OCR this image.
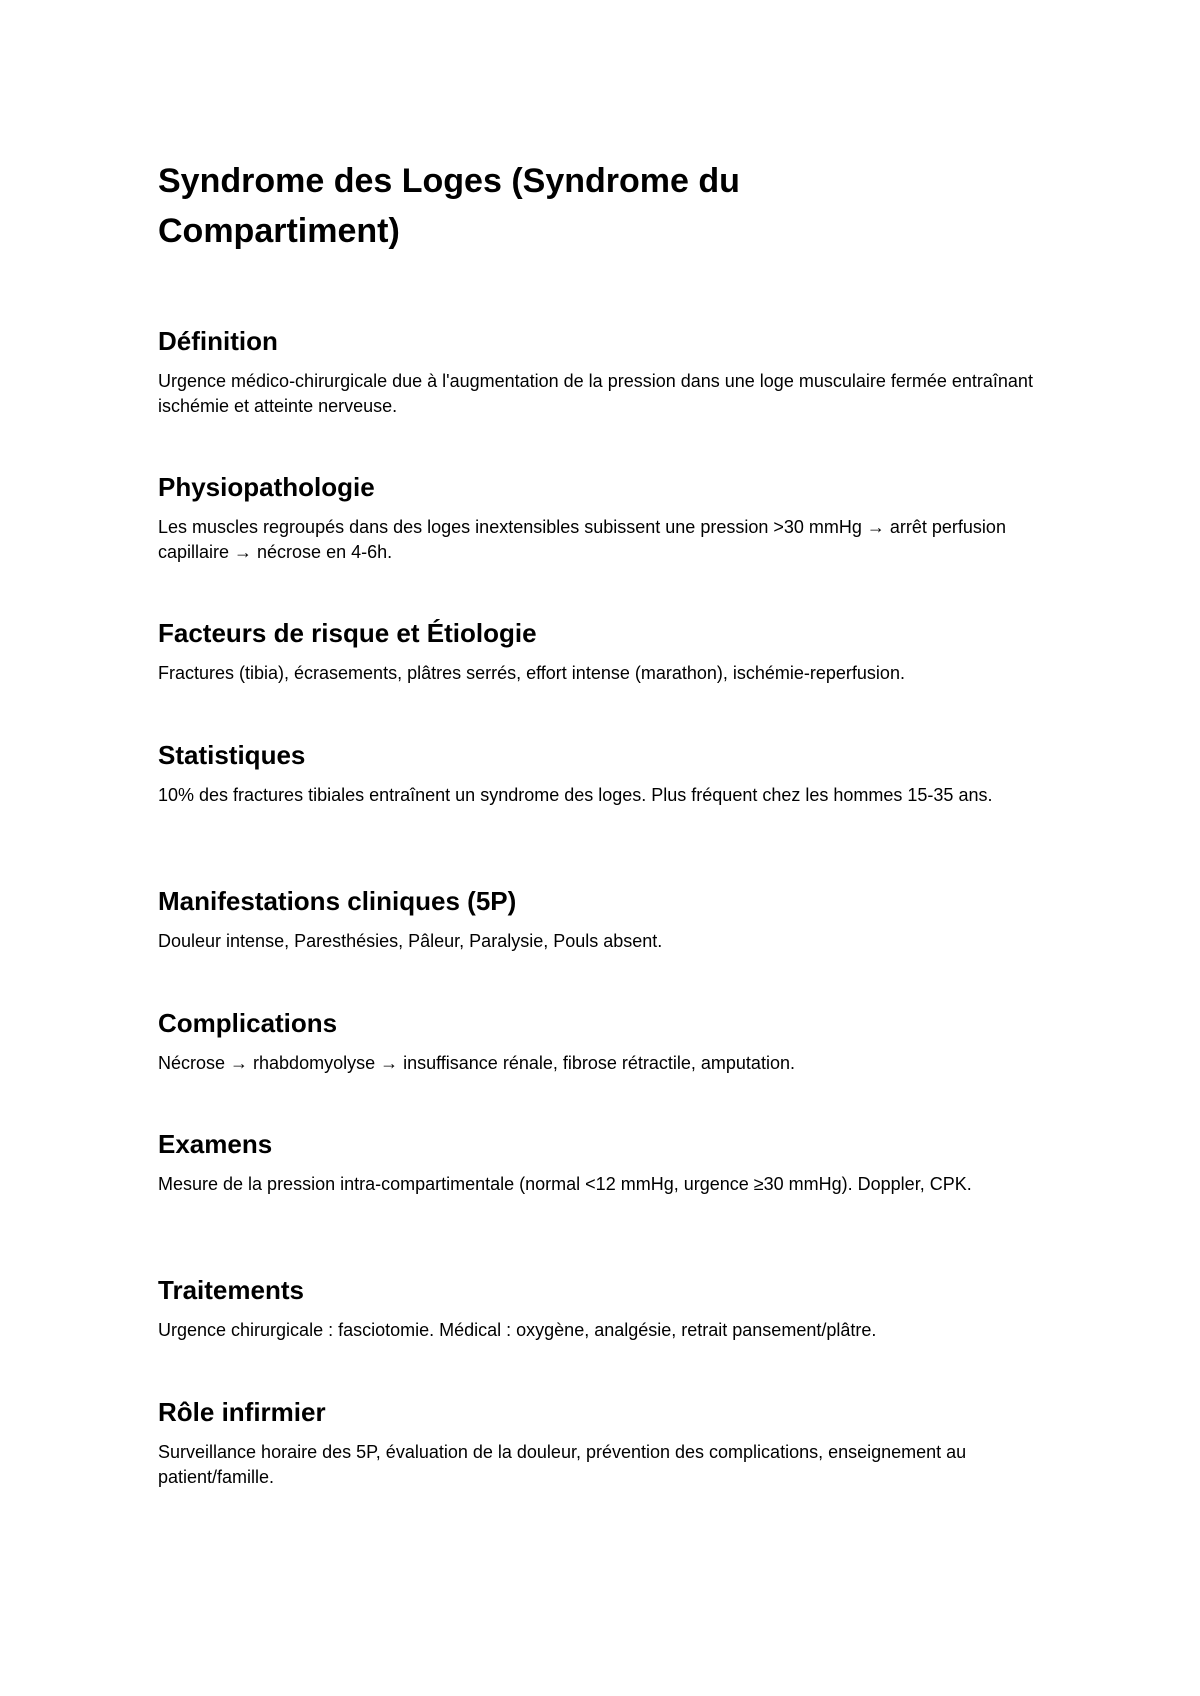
Syndrome des Loges (Syndrome du Compartiment)
Définition

Urgence médico-chirurgicale due à l'augmentation de la pression dans une loge musculaire fermée entraînant ischémie et atteinte nerveuse.

Physiopathologie

Les muscles regroupés dans des loges inextensibles subissent une pression >30 mmHg → arrêt perfusion capillaire → nécrose en 4-6h.

Facteurs de risque et Étiologie

Fractures (tibia), écrasements, plâtres serrés, effort intense (marathon), ischémie-reperfusion.

Statistiques

10% des fractures tibiales entraînent un syndrome des loges. Plus fréquent chez les hommes 15-35 ans.

Manifestations cliniques (5P)

Douleur intense, Paresthésies, Pâleur, Paralysie, Pouls absent.

Complications

Nécrose → rhabdomyolyse → insuffisance rénale, fibrose rétractile, amputation.

Examens

Mesure de la pression intra-compartimentale (normal <12 mmHg, urgence ≥30 mmHg). Doppler, CPK.

Traitements

Urgence chirurgicale : fasciotomie. Médical : oxygène, analgésie, retrait pansement/plâtre.

Rôle infirmier

Surveillance horaire des 5P, évaluation de la douleur, prévention des complications, enseignement au patient/famille.
